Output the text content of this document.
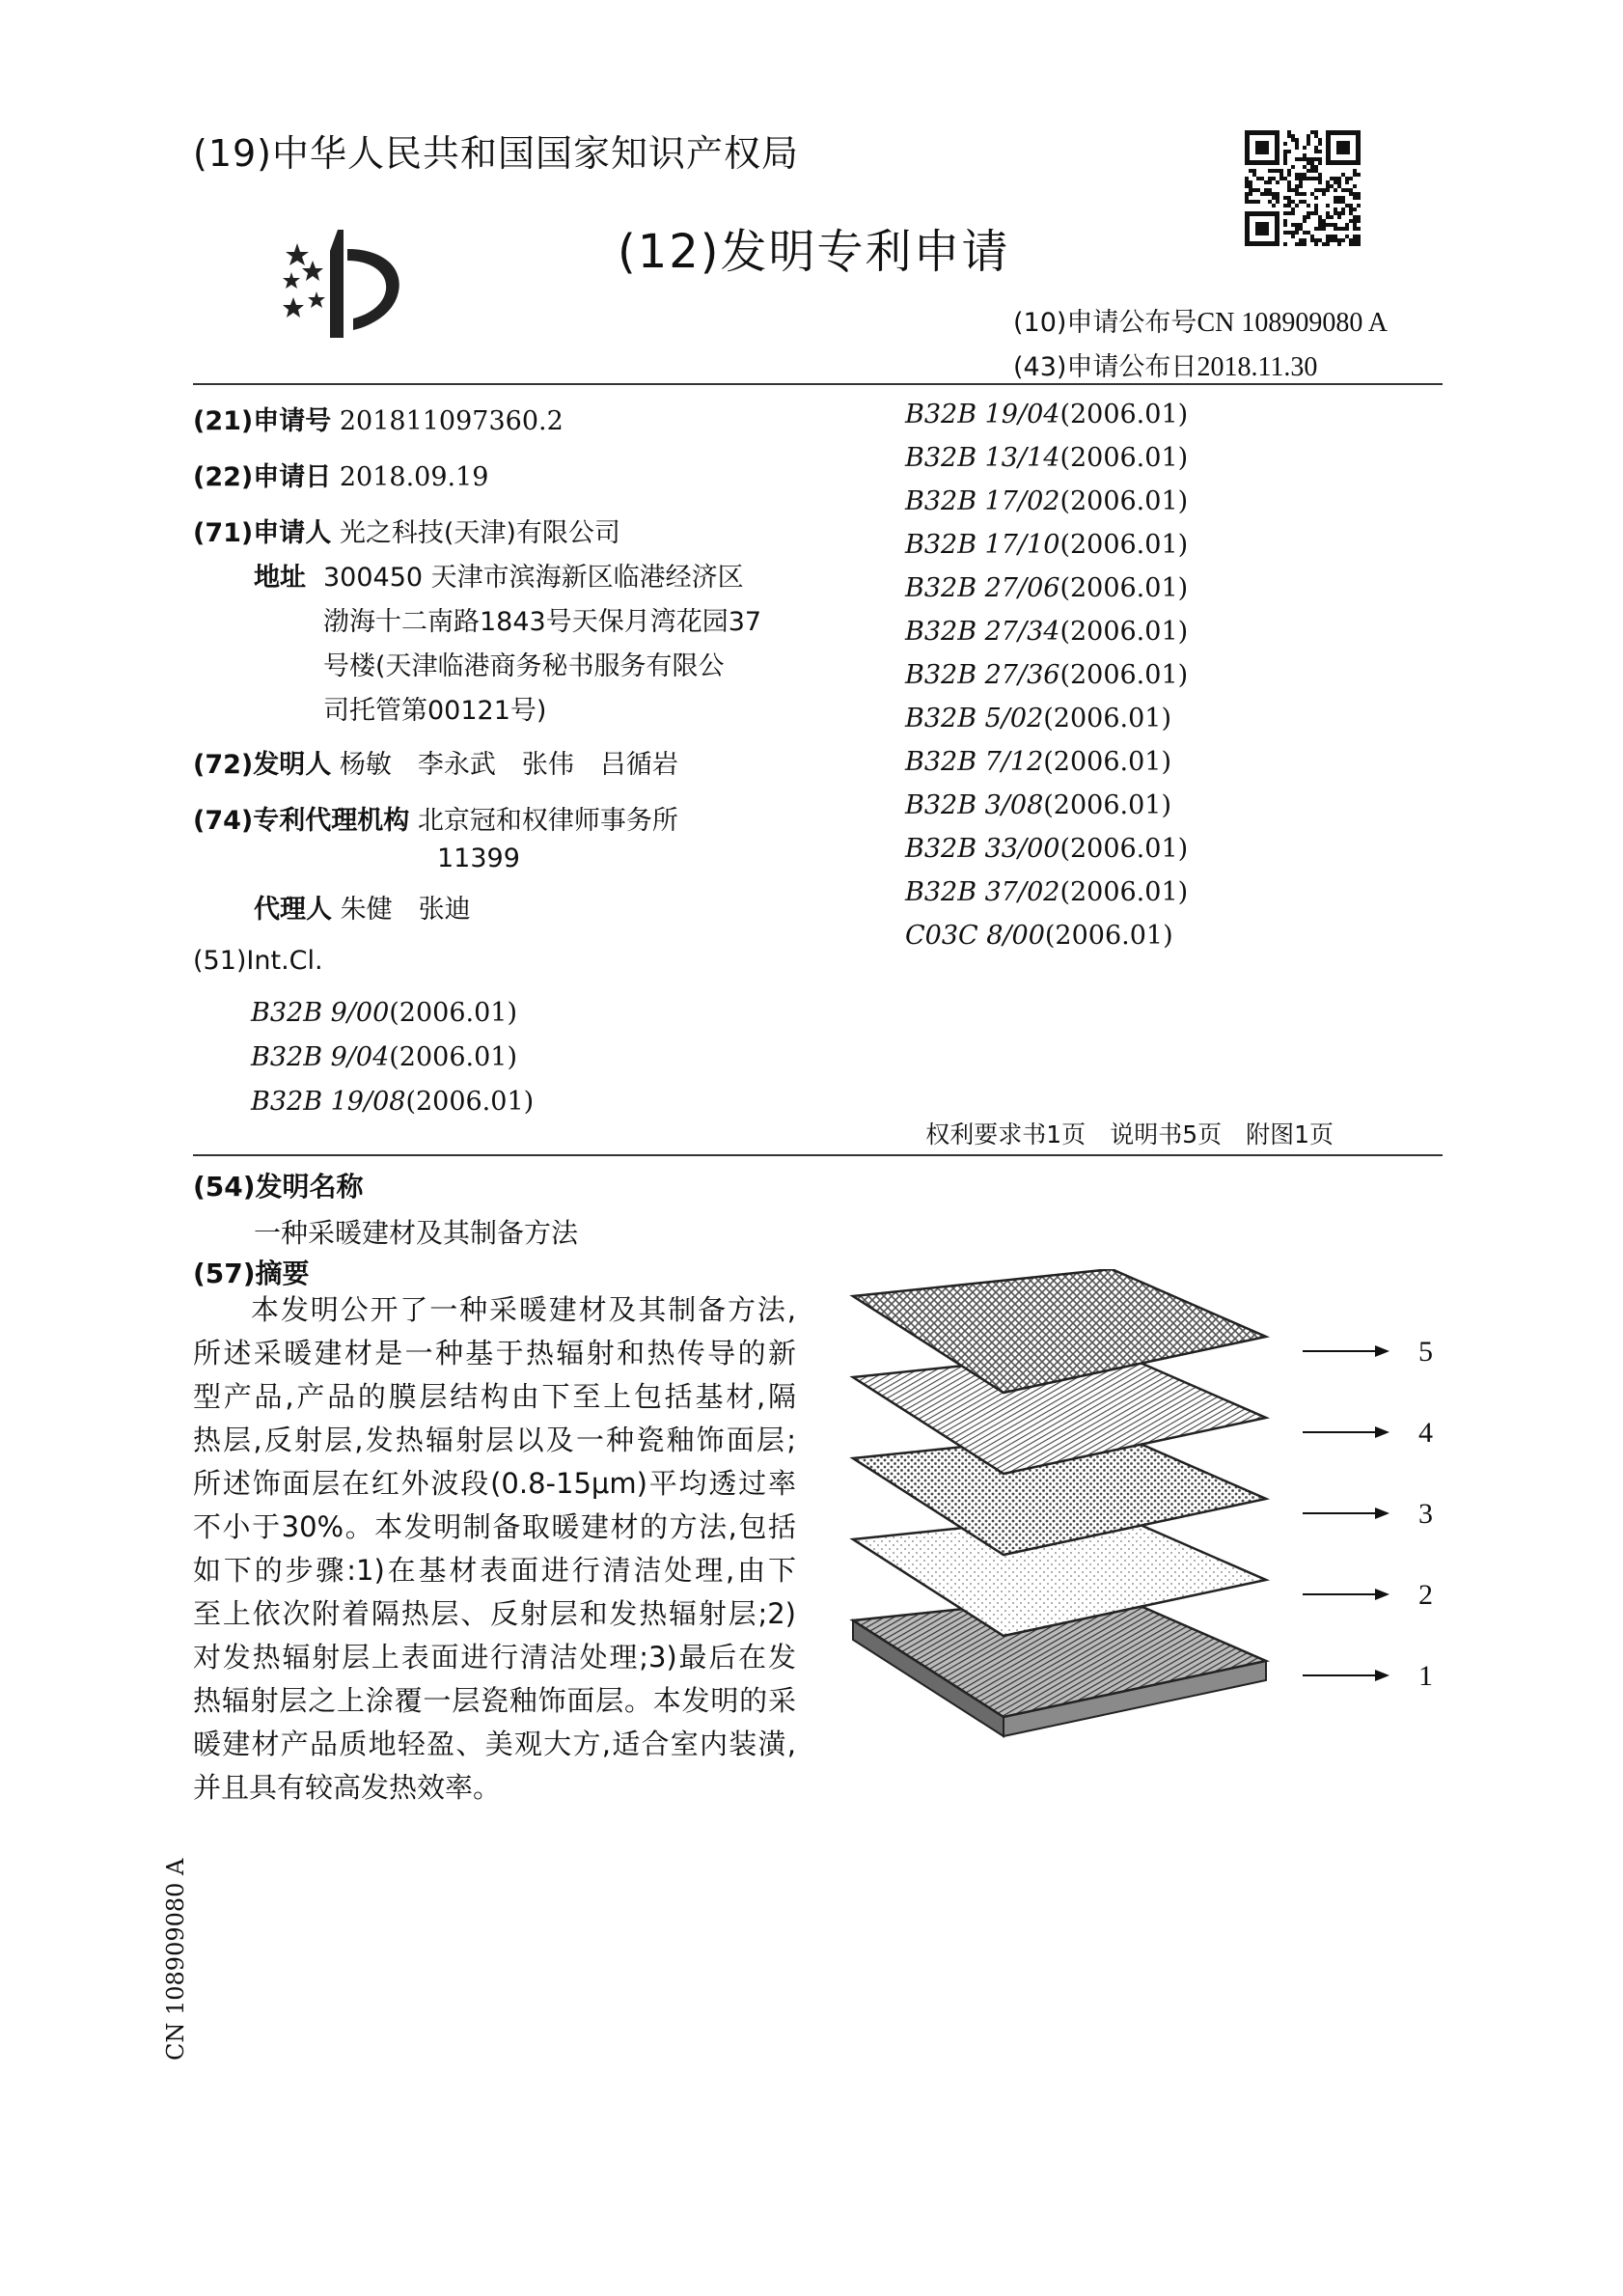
(19)中华人民共和国国家知识产权局
(12)发明专利申请
(10)申请公布号CN 108909080 A
(43)申请公布日2018.11.30
(21)申请号 201811097360.2
(22)申请日 2018.09.19
(71)申请人 光之科技(天津)有限公司
地址 300450 天津市滨海新区临港经济区
渤海十二南路1843号天保月湾花园37
号楼(天津临港商务秘书服务有限公
司托管第00121号)
(72)发明人 杨敏　李永武　张伟　吕循岩
(74)专利代理机构 北京冠和权律师事务所
11399
代理人 朱健　张迪
(51)Int.Cl.
B32B 9/00(2006.01)
B32B 9/04(2006.01)
B32B 19/08(2006.01)
B32B 19/04(2006.01)
B32B 13/14(2006.01)
B32B 17/02(2006.01)
B32B 17/10(2006.01)
B32B 27/06(2006.01)
B32B 27/34(2006.01)
B32B 27/36(2006.01)
B32B 5/02(2006.01)
B32B 7/12(2006.01)
B32B 3/08(2006.01)
B32B 33/00(2006.01)
B32B 37/02(2006.01)
C03C 8/00(2006.01)
权利要求书1页　说明书5页　附图1页
(54)发明名称
一种采暖建材及其制备方法
(57)摘要
本发明公开了一种采暖建材及其制备方法,
所述采暖建材是一种基于热辐射和热传导的新
型产品,产品的膜层结构由下至上包括基材,隔
热层,反射层,发热辐射层以及一种瓷釉饰面层;
所述饰面层在红外波段(0.8-15μm)平均透过率
不小于30%。本发明制备取暖建材的方法,包括
如下的步骤:1)在基材表面进行清洁处理,由下
至上依次附着隔热层、反射层和发热辐射层;2)
对发热辐射层上表面进行清洁处理;3)最后在发
热辐射层之上涂覆一层瓷釉饰面层。本发明的采
暖建材产品质地轻盈、美观大方,适合室内装潢,
并且具有较高发热效率。
1
2
3
4
5
CN 108909080 A
